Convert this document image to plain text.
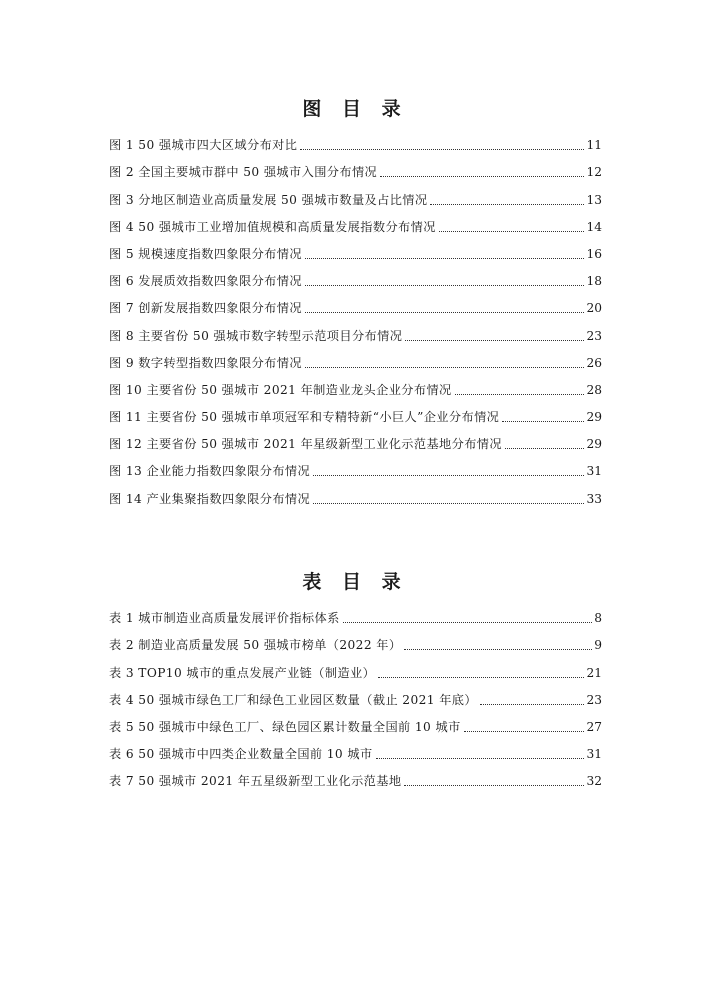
图 目 录
图 1 50 强城市四大区域分布对比	11
图 2 全国主要城市群中 50 强城市入围分布情况	12
图 3 分地区制造业高质量发展 50 强城市数量及占比情况	13
图 4 50 强城市工业增加值规模和高质量发展指数分布情况	14
图 5 规模速度指数四象限分布情况	16
图 6 发展质效指数四象限分布情况	18
图 7 创新发展指数四象限分布情况	20
图 8 主要省份 50 强城市数字转型示范项目分布情况	23
图 9 数字转型指数四象限分布情况	26
图 10 主要省份 50 强城市 2021 年制造业龙头企业分布情况	28
图 11 主要省份 50 强城市单项冠军和专精特新“小巨人”企业分布情况	29
图 12 主要省份 50 强城市 2021 年星级新型工业化示范基地分布情况	29
图 13 企业能力指数四象限分布情况	31
图 14 产业集聚指数四象限分布情况	33
表 目 录
表 1 城市制造业高质量发展评价指标体系	8
表 2 制造业高质量发展 50 强城市榜单（2022 年）	9
表 3 TOP10 城市的重点发展产业链（制造业）	21
表 4 50 强城市绿色工厂和绿色工业园区数量（截止 2021 年底）	23
表 5 50 强城市中绿色工厂、绿色园区累计数量全国前 10 城市	27
表 6 50 强城市中四类企业数量全国前 10 城市	31
表 7 50 强城市 2021 年五星级新型工业化示范基地	32
